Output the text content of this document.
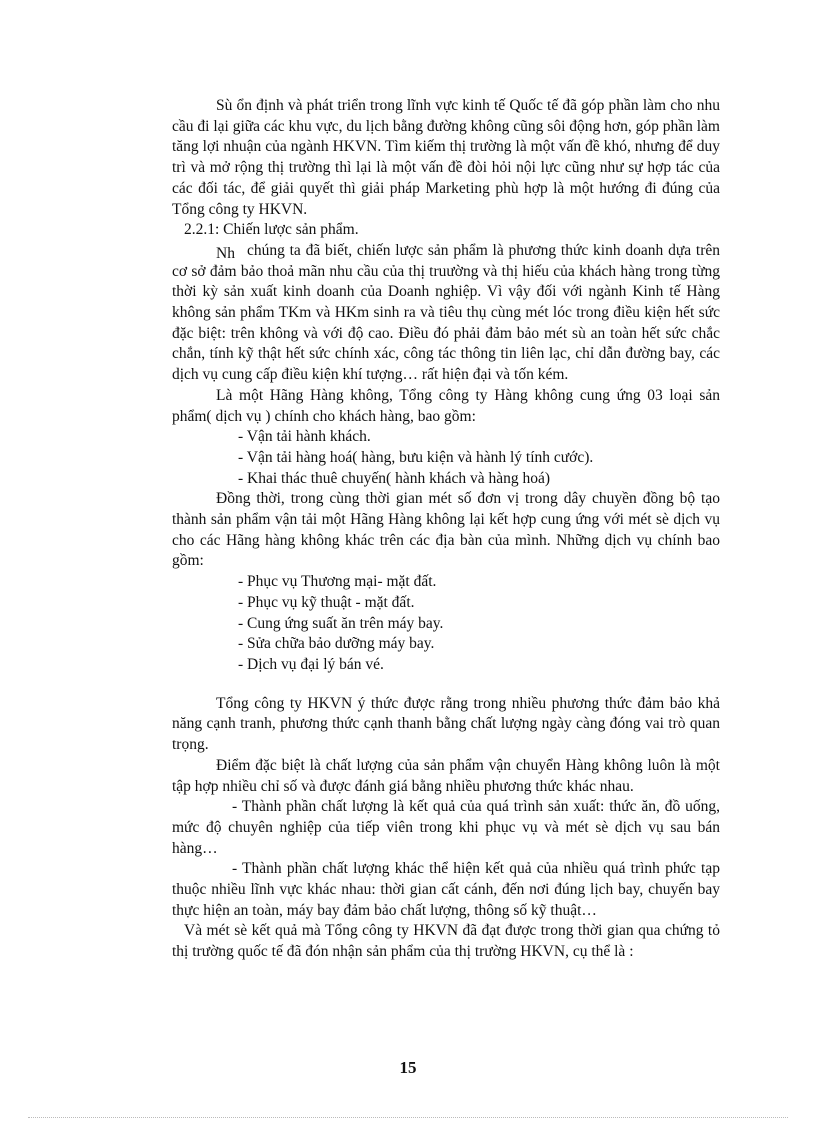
Sù ổn định và phát triển trong lĩnh vực kinh tế Quốc tế đã góp phần làm cho nhu cầu đi lại giữa các khu vực, du lịch bằng đường không cũng sôi động hơn, góp phần làm tăng lợi nhuận của ngành HKVN. Tìm kiếm thị trường là một vấn đề khó, nhưng để duy trì và mở rộng thị trường thì lại là một vấn đề đòi hỏi nội lực cũng như sự hợp tác của các đối tác, để giải quyết thì giải pháp Marketing phù hợp là một hướng đi đúng của Tổng công ty HKVN.

2.2.1: Chiến lược sản phẩm.

Nh chúng ta đã biết, chiến lược sản phẩm là phương thức kinh doanh dựa trên cơ sở đảm bảo thoả mãn nhu cầu của thị truường và thị hiếu của khách hàng trong từng thời kỳ sản xuất kinh doanh của Doanh nghiệp. Vì vậy đối với ngành Kinh tế Hàng không sản phẩm TKm và HKm sinh ra và tiêu thụ cùng mét lóc trong điều kiện hết sức đặc biệt: trên không và với độ cao. Điều đó phải đảm bảo mét sù an toàn hết sức chắc chắn, tính kỹ thật hết sức chính xác, công tác thông tin liên lạc, chỉ dẫn đường bay, các dịch vụ cung cấp điều kiện khí tượng… rất hiện đại và tốn kém.

Là một Hãng Hàng không, Tổng công ty Hàng không cung ứng 03 loại sản phẩm( dịch vụ ) chính cho khách hàng, bao gồm:

- Vận tải hành khách.

- Vận tải hàng hoá( hàng, bưu kiện và hành lý tính cước).

- Khai thác thuê chuyến( hành khách và hàng hoá)

Đồng thời, trong cùng thời gian mét số đơn vị trong dây chuyền đồng bộ tạo thành sản phẩm vận tải một Hãng Hàng không lại kết hợp cung ứng với mét sè dịch vụ cho các Hãng hàng không khác trên các địa bàn của mình. Những dịch vụ chính bao gồm:

- Phục vụ Thương mại- mặt đất.

- Phục vụ kỹ thuật - mặt đất.

- Cung ứng suất ăn trên máy bay.

- Sửa chữa bảo dưỡng máy bay.

- Dịch vụ đại lý bán vé.

Tổng công ty HKVN ý thức được rằng trong nhiều phương thức đảm bảo khả năng cạnh tranh, phương thức cạnh thanh bằng chất lượng ngày càng đóng vai trò quan trọng.

Điểm đặc biệt là chất lượng của sản phẩm vận chuyển Hàng không luôn là một tập hợp nhiều chỉ số và được đánh giá bằng nhiều phương thức khác nhau.

- Thành phần chất lượng là kết quả của quá trình sản xuất: thức ăn, đồ uống, mức độ chuyên nghiệp của tiếp viên trong khi phục vụ và mét sè dịch vụ sau bán hàng…

- Thành phần chất lượng khác thể hiện kết quả của nhiều quá trình phức tạp thuộc nhiều lĩnh vực khác nhau: thời gian cất cánh, đến nơi đúng lịch bay, chuyến bay thực hiện an toàn, máy bay đảm bảo chất lượng, thông số kỹ thuật…

Và mét sè kết quả mà Tổng công ty HKVN đã đạt được trong thời gian qua chứng tỏ thị trường quốc tế đã đón nhận sản phẩm của thị trường HKVN, cụ thể là :

15
